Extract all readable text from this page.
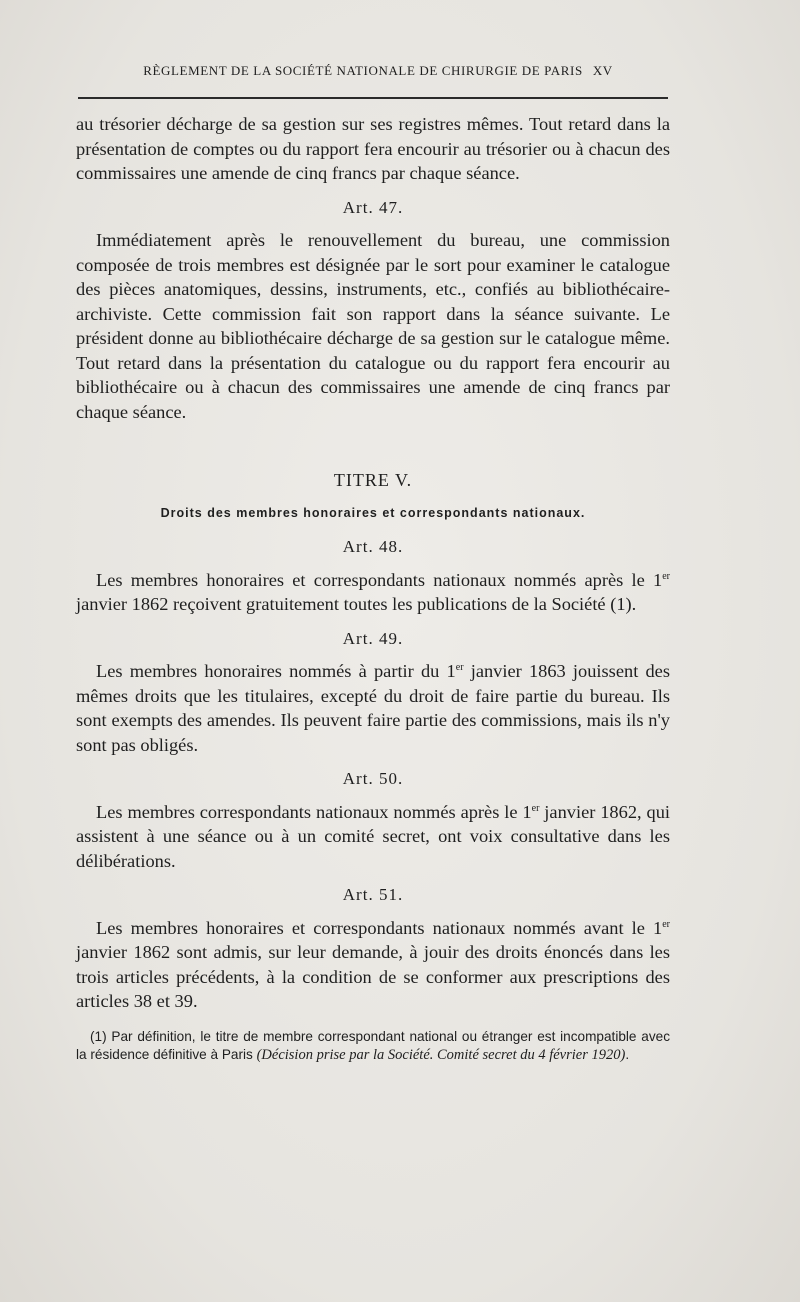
RÈGLEMENT DE LA SOCIÉTÉ NATIONALE DE CHIRURGIE DE PARIS XV

au trésorier décharge de sa gestion sur ses registres mêmes. Tout retard dans la présentation de comptes ou du rapport fera encourir au trésorier ou à chacun des commissaires une amende de cinq francs par chaque séance.

Art. 47.

Immédiatement après le renouvellement du bureau, une commission composée de trois membres est désignée par le sort pour examiner le catalogue des pièces anatomiques, dessins, instruments, etc., confiés au bibliothécaire-archiviste. Cette commission fait son rapport dans la séance suivante. Le président donne au bibliothécaire décharge de sa gestion sur le catalogue même. Tout retard dans la présentation du catalogue ou du rapport fera encourir au bibliothécaire ou à chacun des commissaires une amende de cinq francs par chaque séance.

TITRE V.
Droits des membres honoraires et correspondants nationaux.
Art. 48.

Les membres honoraires et correspondants nationaux nommés après le 1er janvier 1862 reçoivent gratuitement toutes les publications de la Société (1).

Art. 49.

Les membres honoraires nommés à partir du 1er janvier 1863 jouissent des mêmes droits que les titulaires, excepté du droit de faire partie du bureau. Ils sont exempts des amendes. Ils peuvent faire partie des commissions, mais ils n'y sont pas obligés.

Art. 50.

Les membres correspondants nationaux nommés après le 1er janvier 1862, qui assistent à une séance ou à un comité secret, ont voix consultative dans les délibérations.

Art. 51.

Les membres honoraires et correspondants nationaux nommés avant le 1er janvier 1862 sont admis, sur leur demande, à jouir des droits énoncés dans les trois articles précédents, à la condition de se conformer aux prescriptions des articles 38 et 39.

(1) Par définition, le titre de membre correspondant national ou étranger est incompatible avec la résidence définitive à Paris (Décision prise par la Société. Comité secret du 4 février 1920).
